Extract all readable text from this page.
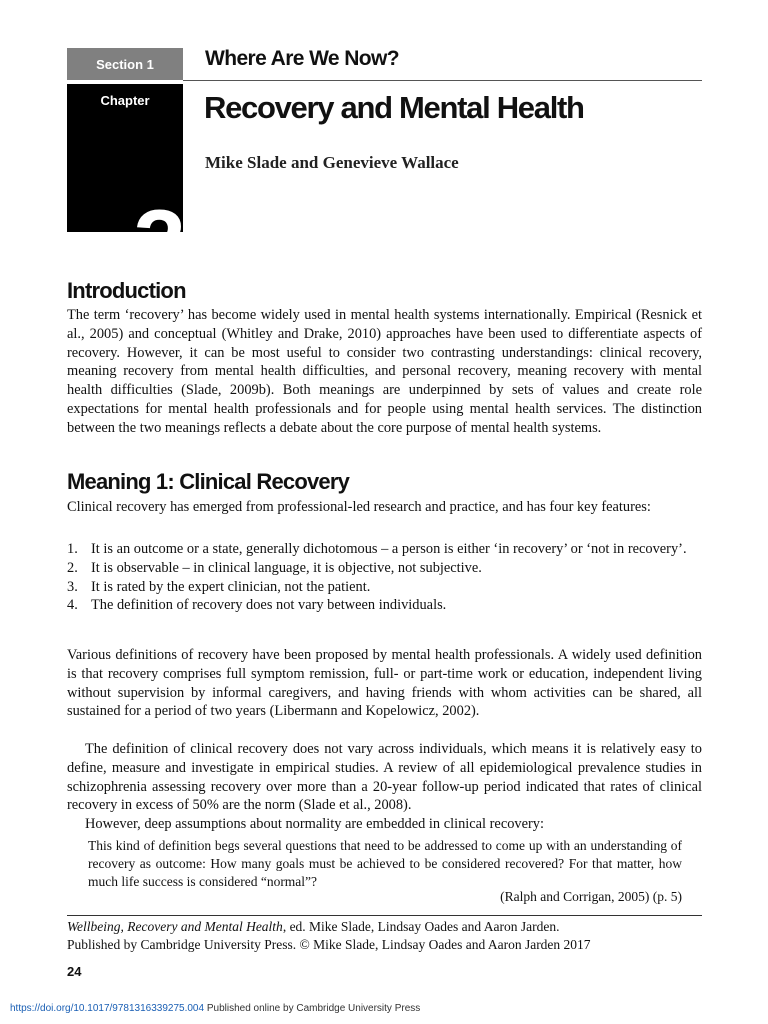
Section 1 Where Are We Now?
Chapter
3
Recovery and Mental Health
Mike Slade and Genevieve Wallace
Introduction

The term ‘recovery’ has become widely used in mental health systems internationally. Empirical (Resnick et al., 2005) and conceptual (Whitley and Drake, 2010) approaches have been used to differentiate aspects of recovery. However, it can be most useful to consider two contrasting understandings: clinical recovery, meaning recovery from mental health difficulties, and personal recovery, meaning recovery with mental health difficulties (Slade, 2009b). Both meanings are underpinned by sets of values and create role expectations for mental health professionals and for people using mental health services. The distinction between the two meanings reflects a debate about the core purpose of mental health systems.

Meaning 1: Clinical Recovery

Clinical recovery has emerged from professional-led research and practice, and has four key features:

1. It is an outcome or a state, generally dichotomous – a person is either ‘in recovery’ or ‘not in recovery’.
2. It is observable – in clinical language, it is objective, not subjective.
3. It is rated by the expert clinician, not the patient.
4. The definition of recovery does not vary between individuals.

Various definitions of recovery have been proposed by mental health professionals. A widely used definition is that recovery comprises full symptom remission, full- or part-time work or education, independent living without supervision by informal caregivers, and having friends with whom activities can be shared, all sustained for a period of two years (Libermann and Kopelowicz, 2002).

The definition of clinical recovery does not vary across individuals, which means it is relatively easy to define, measure and investigate in empirical studies. A review of all epidemiological prevalence studies in schizophrenia assessing recovery over more than a 20-year follow-up period indicated that rates of clinical recovery in excess of 50% are the norm (Slade et al., 2008).

However, deep assumptions about normality are embedded in clinical recovery:

This kind of definition begs several questions that need to be addressed to come up with an understanding of recovery as outcome: How many goals must be achieved to be considered recovered? For that matter, how much life success is considered “normal”?

(Ralph and Corrigan, 2005) (p. 5)
Wellbeing, Recovery and Mental Health, ed. Mike Slade, Lindsay Oades and Aaron Jarden.
Published by Cambridge University Press. © Mike Slade, Lindsay Oades and Aaron Jarden 2017
24
https://doi.org/10.1017/9781316339275.004 Published online by Cambridge University Press
